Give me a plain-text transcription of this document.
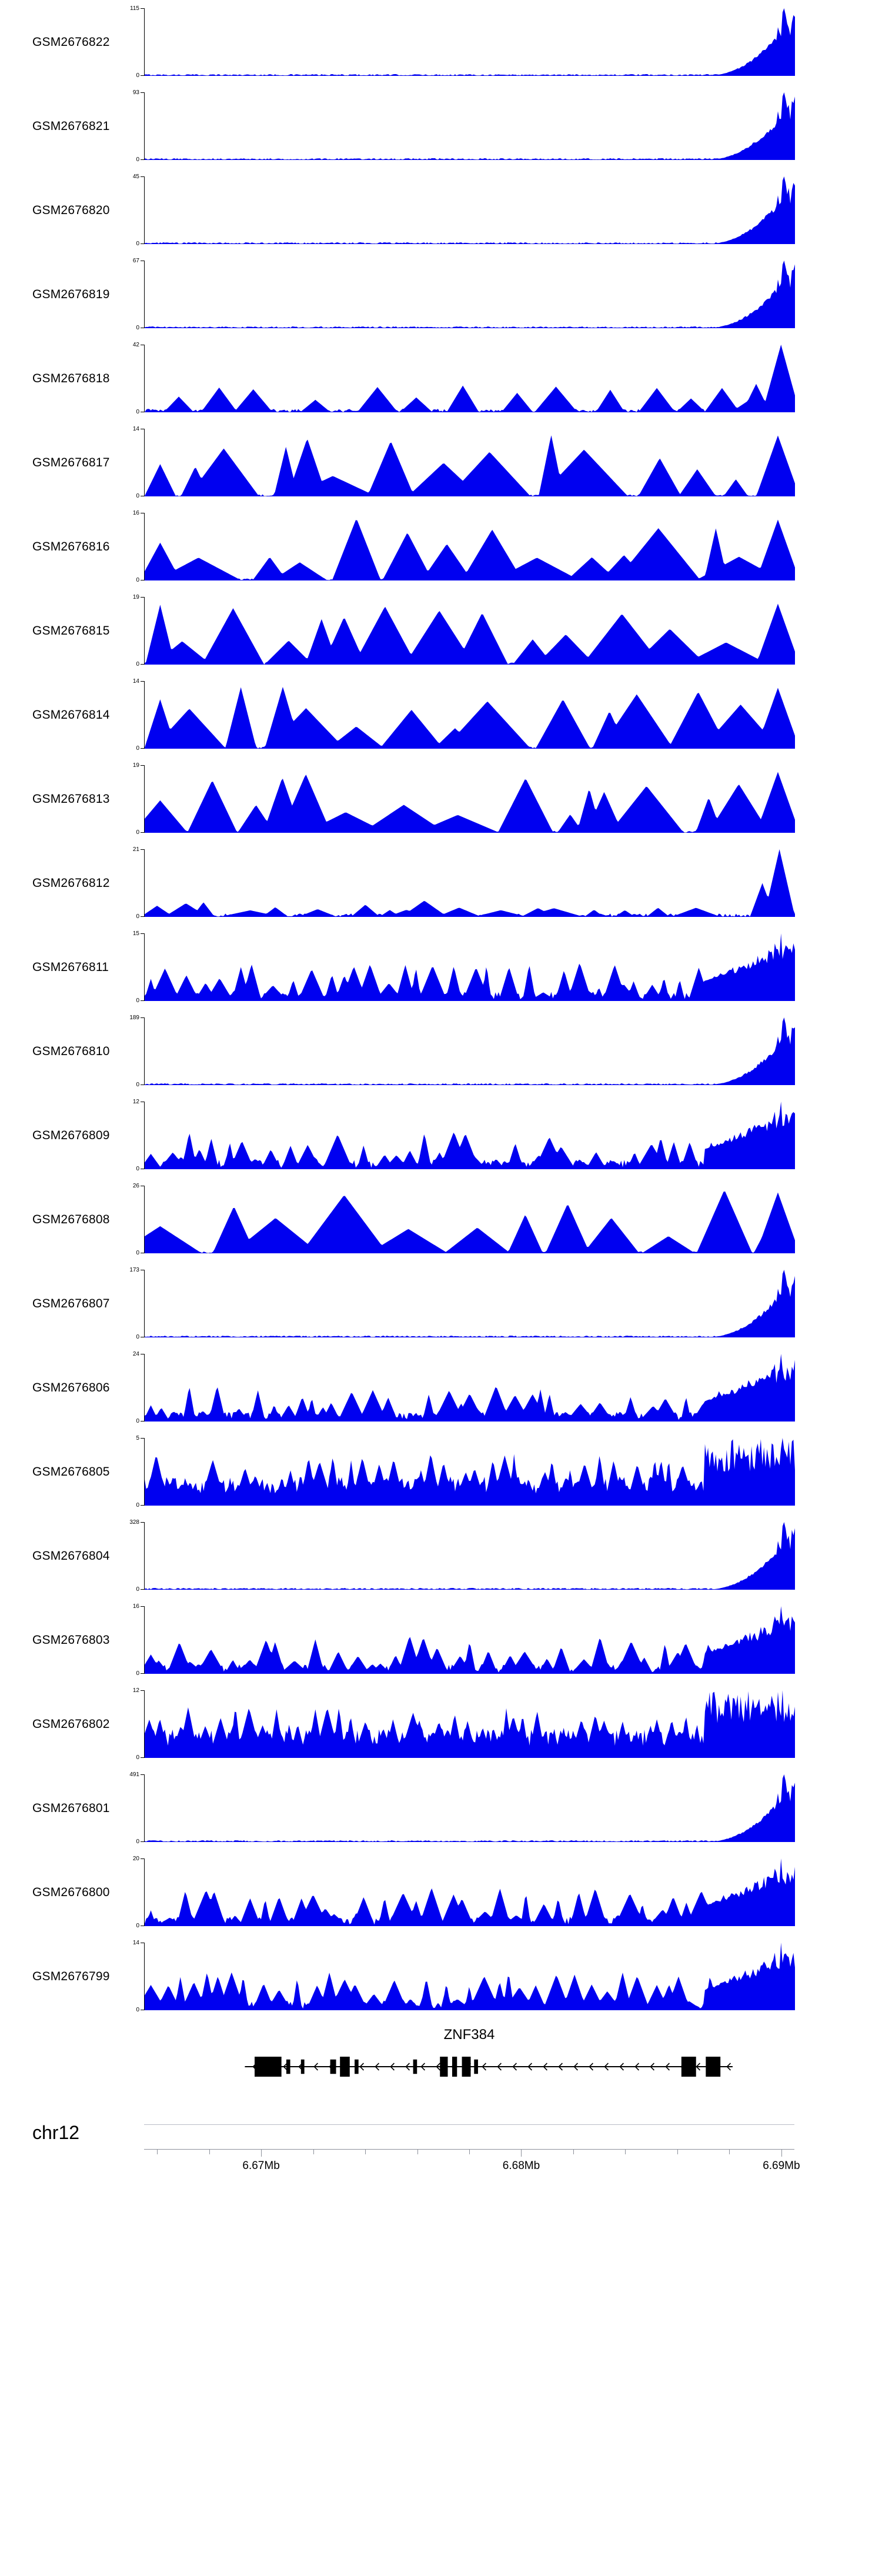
GSM2676822
115
0
GSM2676821
93
0
GSM2676820
45
0
GSM2676819
67
0
GSM2676818
42
0
GSM2676817
14
0
GSM2676816
16
0
GSM2676815
19
0
GSM2676814
14
0
GSM2676813
19
0
GSM2676812
21
0
GSM2676811
15
0
GSM2676810
189
0
GSM2676809
12
0
GSM2676808
26
0
GSM2676807
173
0
GSM2676806
24
0
GSM2676805
5
0
GSM2676804
328
0
GSM2676803
16
0
GSM2676802
12
0
GSM2676801
491
0
GSM2676800
20
0
GSM2676799
14
0
ZNF384
chr12
6.67Mb	6.68Mb	6.69Mb
